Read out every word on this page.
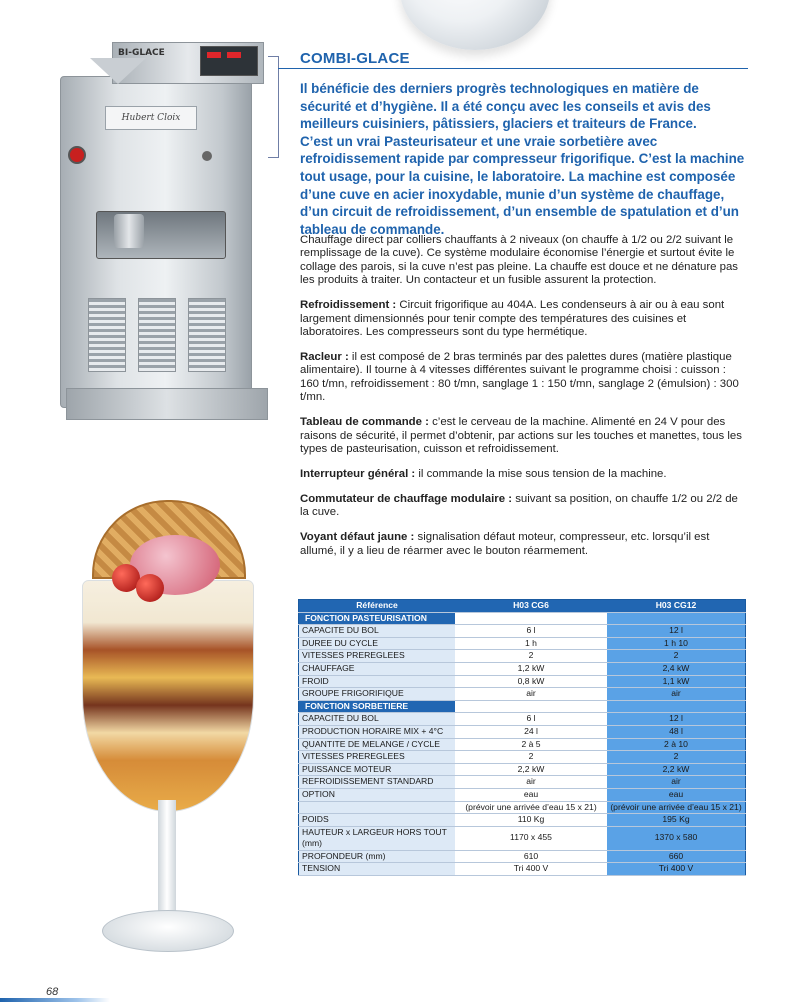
BI-GLACE
Hubert Cloix
COMBI-GLACE

Il bénéficie des derniers progrès technologiques en matière de sécurité et d’hygiène. Il a été conçu avec les conseils et avis des meilleurs cuisiniers, pâtissiers, glaciers et traiteurs de France.

C’est un vrai Pasteurisateur et une vraie sorbetière avec refroidissement rapide par compresseur frigorifique. C’est la machine tout usage, pour la cuisine, le laboratoire. La machine est composée d’une cuve en acier inoxydable, munie d’un système de chauffage, d’un circuit de refroidissement, d’un ensemble de spatulation et d’un tableau de commande.

Chauffage direct par colliers chauffants à 2 niveaux (on chauffe à 1/2 ou 2/2 suivant le remplissage de la cuve). Ce système modulaire économise l’énergie et surtout évite le collage des parois, si la cuve n’est pas pleine. La chauffe est douce et ne dénature pas les produits à traiter. Un contacteur et un fusible assurent la protection.

Refroidissement : Circuit frigorifique au 404A. Les condenseurs à air ou à eau sont largement dimensionnés pour tenir compte des températures des cuisines et laboratoires. Les compresseurs sont du type hermétique.

Racleur : il est composé de 2 bras terminés par des palettes dures (matière plastique alimentaire). Il tourne à 4 vitesses différentes suivant le programme choisi : cuisson : 160 t/mn, refroidissement : 80 t/mn, sanglage 1 : 150 t/mn, sanglage 2 (émulsion) : 300 t/mn.

Tableau de commande : c’est le cerveau de la machine. Alimenté en 24 V pour des raisons de sécurité, il permet d’obtenir, par actions sur les touches et manettes, tous les types de pasteurisation, cuisson et refroidissement.

Interrupteur général : il commande la mise sous tension de la machine.

Commutateur de chauffage modulaire : suivant sa position, on chauffe 1/2 ou 2/2 de la cuve.

Voyant défaut jaune : signalisation défaut moteur, compresseur, etc. lorsqu’il est allumé, il y a lieu de réarmer avec le bouton réarmement.

Référence	H03 CG6	H03 CG12
FONCTION PASTEURISATION		
CAPACITE DU BOL	6 l	12 l
DUREE DU CYCLE	1 h	1 h 10
VITESSES PREREGLEES	2	2
CHAUFFAGE	1,2 kW	2,4 kW
FROID	0,8 kW	1,1 kW
GROUPE FRIGORIFIQUE	air	air
FONCTION SORBETIERE		
CAPACITE DU BOL	6 l	12 l
PRODUCTION HORAIRE MIX + 4°C	24 l	48 l
QUANTITE DE MELANGE / CYCLE	2 à 5	2 à 10
VITESSES PREREGLEES	2	2
PUISSANCE MOTEUR	2,2 kW	2,2 kW
REFROIDISSEMENT STANDARD	air	air
OPTION	eau	eau
	(prévoir une arrivée d’eau 15 x 21)	(prévoir une arrivée d’eau 15 x 21)
POIDS	110 Kg	195 Kg
HAUTEUR x LARGEUR HORS TOUT (mm)	1170 x 455	1370 x 580
PROFONDEUR (mm)	610	660
TENSION	Tri 400 V	Tri 400 V
68
